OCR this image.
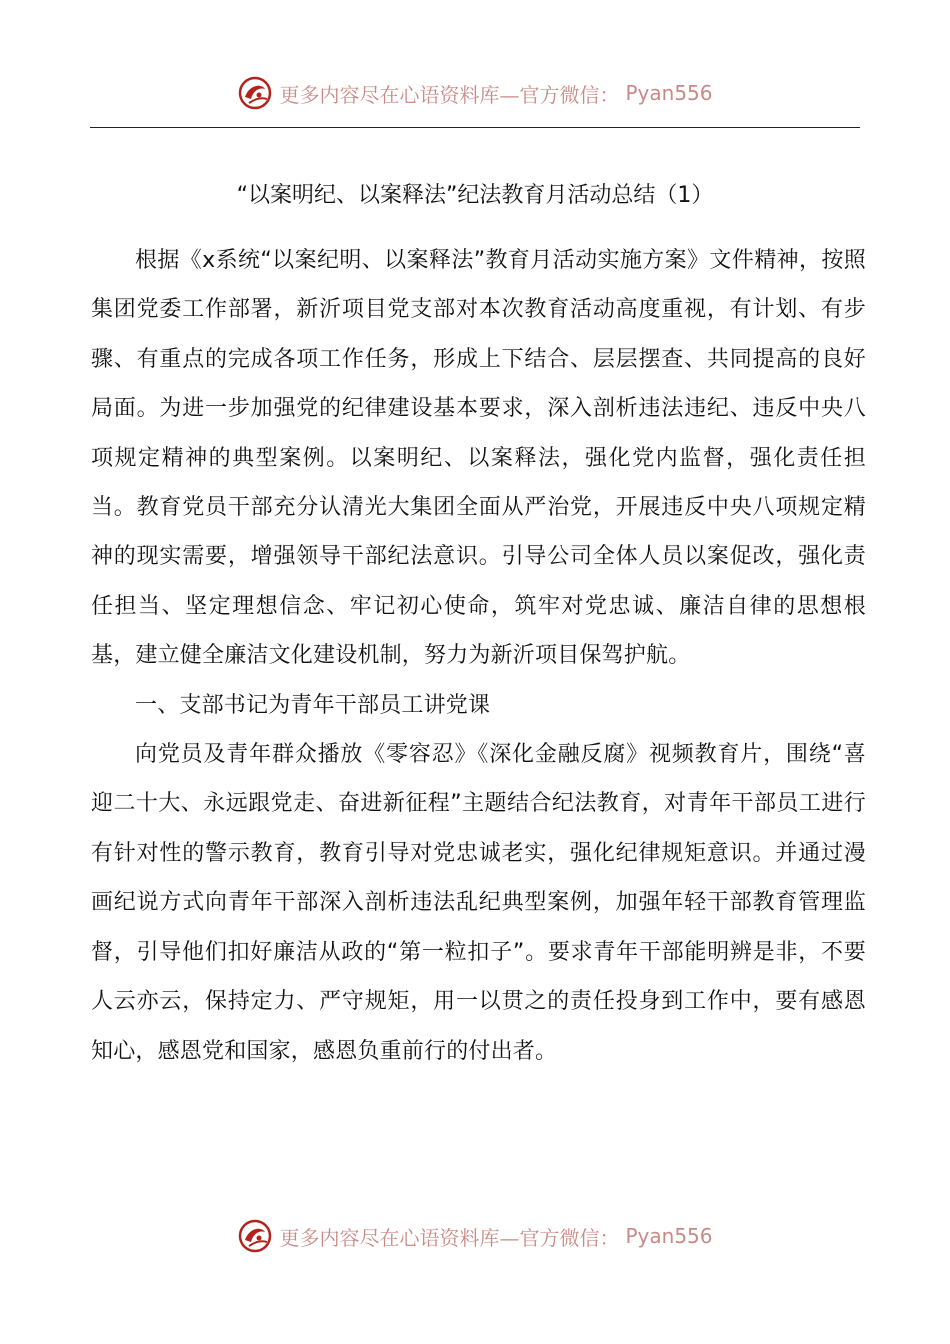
更多内容尽在心语资料库—官方微信： Pyan556
“以案明纪、以案释法”纪法教育月活动总结（1）

根据《x系统“以案纪明、以案释法”教育月活动实施方案》文件精神，按照集团党委工作部署，新沂项目党支部对本次教育活动高度重视，有计划、有步骤、有重点的完成各项工作任务，形成上下结合、层层摆查、共同提高的良好局面。为进一步加强党的纪律建设基本要求，深入剖析违法违纪、违反中央八项规定精神的典型案例。以案明纪、以案释法，强化党内监督，强化责任担当。教育党员干部充分认清光大集团全面从严治党，开展违反中央八项规定精神的现实需要，增强领导干部纪法意识。引导公司全体人员以案促改，强化责任担当、坚定理想信念、牢记初心使命，筑牢对党忠诚、廉洁自律的思想根基，建立健全廉洁文化建设机制，努力为新沂项目保驾护航。

一、支部书记为青年干部员工讲党课

向党员及青年群众播放《零容忍》《深化金融反腐》视频教育片，围绕“喜迎二十大、永远跟党走、奋进新征程”主题结合纪法教育，对青年干部员工进行有针对性的警示教育，教育引导对党忠诚老实，强化纪律规矩意识。并通过漫画纪说方式向青年干部深入剖析违法乱纪典型案例，加强年轻干部教育管理监督，引导他们扣好廉洁从政的“第一粒扣子”。要求青年干部能明辨是非，不要人云亦云，保持定力、严守规矩，用一以贯之的责任投身到工作中，要有感恩知心，感恩党和国家，感恩负重前行的付出者。

更多内容尽在心语资料库—官方微信： Pyan556
